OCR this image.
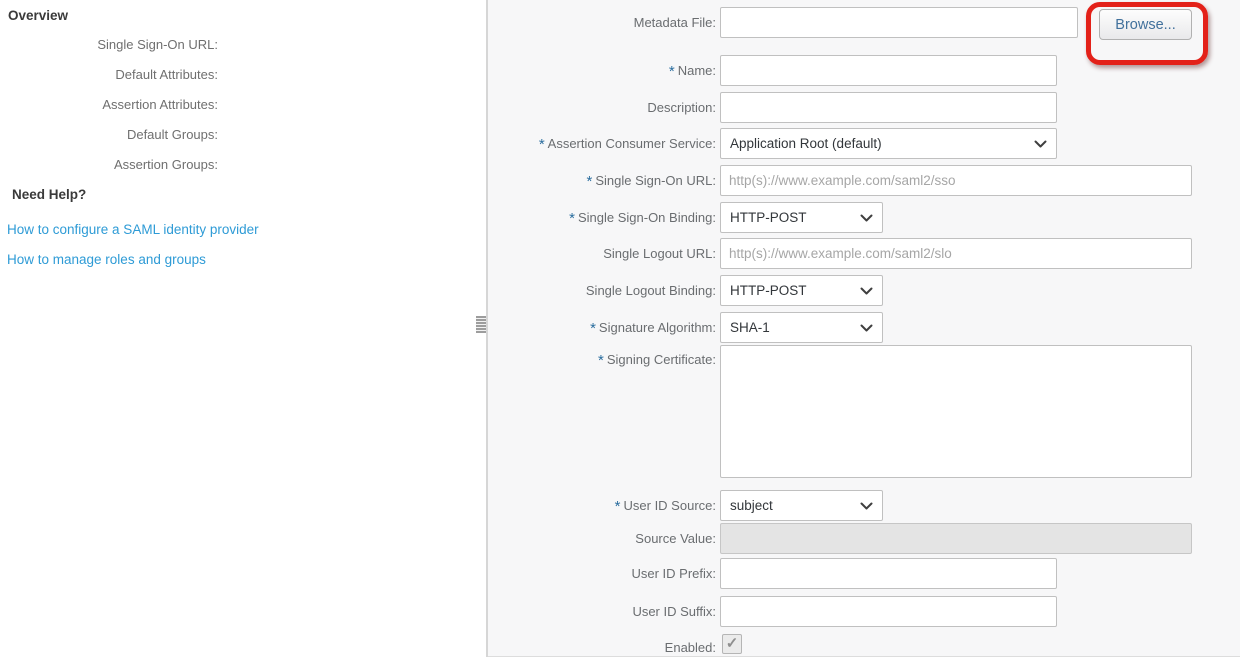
Overview
Single Sign-On URL:
Default Attributes:
Assertion Attributes:
Default Groups:
Assertion Groups:
Need Help?
How to configure a SAML identity provider
How to manage roles and groups
Metadata File:	Browse...
* Name:
Description:
* Assertion Consumer Service: Application Root (default)
* Single Sign-On URL:
http(s)://www.example.com/saml2/sso
* Single Sign-On Binding: HTTP-POST
Single Logout URL:
http(s)://www.example.com/saml2/slo
Single Logout Binding: HTTP-POST
* Signature Algorithm: SHA-1
* Signing Certificate:
* User ID Source: subject
Source Value:
User ID Prefix:
User ID Suffix:
Enabled: ✓
